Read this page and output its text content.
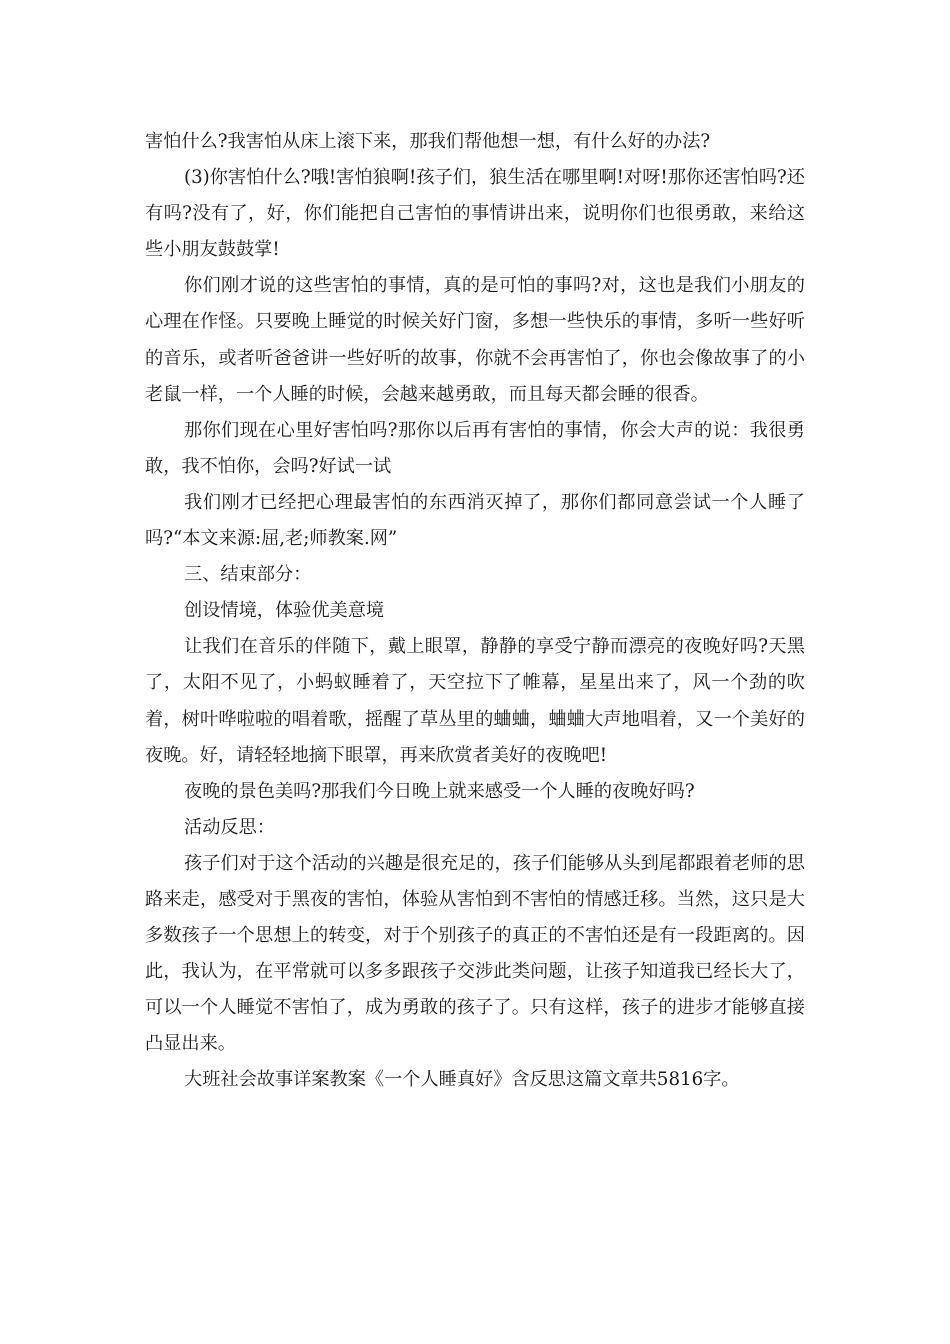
害怕什么?我害怕从床上滚下来，那我们帮他想一想，有什么好的办法?

(3)你害怕什么?哦!害怕狼啊!孩子们，狼生活在哪里啊!对呀!那你还害怕吗?还有吗?没有了，好，你们能把自己害怕的事情讲出来，说明你们也很勇敢，来给这些小朋友鼓鼓掌!

你们刚才说的这些害怕的事情，真的是可怕的事吗?对，这也是我们小朋友的心理在作怪。只要晚上睡觉的时候关好门窗，多想一些快乐的事情，多听一些好听的音乐，或者听爸爸讲一些好听的故事，你就不会再害怕了，你也会像故事了的小老鼠一样，一个人睡的时候，会越来越勇敢，而且每天都会睡的很香。

那你们现在心里好害怕吗?那你以后再有害怕的事情，你会大声的说：我很勇敢，我不怕你，会吗?好试一试

我们刚才已经把心理最害怕的东西消灭掉了，那你们都同意尝试一个人睡了吗?“本文来源:屈,老;师教案.网”

三、结束部分：

创设情境，体验优美意境

让我们在音乐的伴随下，戴上眼罩，静静的享受宁静而漂亮的夜晚好吗?天黑了，太阳不见了，小蚂蚁睡着了，天空拉下了帷幕，星星出来了，风一个劲的吹着，树叶哗啦啦的唱着歌，摇醒了草丛里的蛐蛐，蛐蛐大声地唱着，又一个美好的夜晚。好，请轻轻地摘下眼罩，再来欣赏者美好的夜晚吧!

夜晚的景色美吗?那我们今日晚上就来感受一个人睡的夜晚好吗?

活动反思：

孩子们对于这个活动的兴趣是很充足的，孩子们能够从头到尾都跟着老师的思路来走，感受对于黑夜的害怕，体验从害怕到不害怕的情感迁移。当然，这只是大多数孩子一个思想上的转变，对于个别孩子的真正的不害怕还是有一段距离的。因此，我认为，在平常就可以多多跟孩子交涉此类问题，让孩子知道我已经长大了，可以一个人睡觉不害怕了，成为勇敢的孩子了。只有这样，孩子的进步才能够直接凸显出来。

大班社会故事详案教案《一个人睡真好》含反思这篇文章共5816字。
